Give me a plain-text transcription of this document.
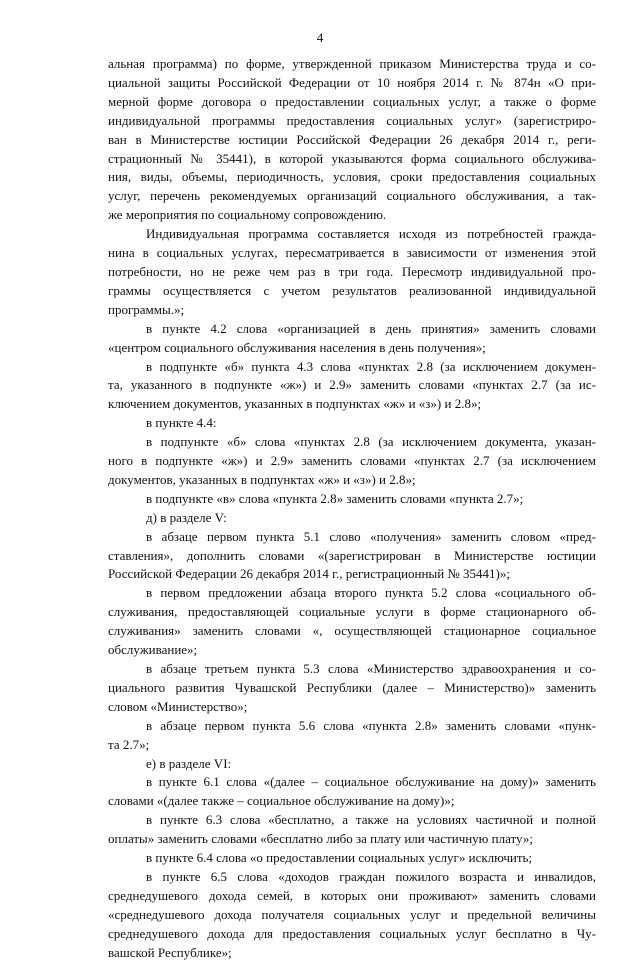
4

альная программа) по форме, утвержденной приказом Министерства труда и со-
циальной защиты Российской Федерации от 10 ноября 2014 г. № 874н «О при-
мерной форме договора о предоставлении социальных услуг, а также о форме
индивидуальной программы предоставления социальных услуг» (зарегистриро-
ван в Министерстве юстиции Российской Федерации 26 декабря 2014 г., реги-
страционный № 35441), в которой указываются форма социального обслужива-
ния, виды, объемы, периодичность, условия, сроки предоставления социальных
услуг, перечень рекомендуемых организаций социального обслуживания, а так-
же мероприятия по социальному сопровождению.

Индивидуальная программа составляется исходя из потребностей гражда-
нина в социальных услугах, пересматривается в зависимости от изменения этой
потребности, но не реже чем раз в три года. Пересмотр индивидуальной про-
граммы осуществляется с учетом результатов реализованной индивидуальной
программы.»;

в пункте 4.2 слова «организацией в день принятия» заменить словами
«центром социального обслуживания населения в день получения»;

в подпункте «б» пункта 4.3 слова «пунктах 2.8 (за исключением докумен-
та, указанного в подпункте «ж») и 2.9» заменить словами «пунктах 2.7 (за ис-
ключением документов, указанных в подпунктах «ж» и «з») и 2.8»;

в пункте 4.4:

в подпункте «б» слова «пунктах 2.8 (за исключением документа, указан-
ного в подпункте «ж») и 2.9» заменить словами «пунктах 2.7 (за исключением
документов, указанных в подпунктах «ж» и «з») и 2.8»;

в подпункте «в» слова «пункта 2.8» заменить словами «пункта 2.7»;

д) в разделе V:

в абзаце первом пункта 5.1 слово «получения» заменить словом «пред-
ставления», дополнить словами «(зарегистрирован в Министерстве юстиции
Российской Федерации 26 декабря 2014 г., регистрационный № 35441)»;

в первом предложении абзаца второго пункта 5.2 слова «социального об-
служивания, предоставляющей социальные услуги в форме стационарного об-
служивания» заменить словами «, осуществляющей стационарное социальное
обслуживание»;

в абзаце третьем пункта 5.3 слова «Министерство здравоохранения и со-
циального развития Чувашской Республики (далее – Министерство)» заменить
словом «Министерство»;

в абзаце первом пункта 5.6 слова «пункта 2.8» заменить словами «пунк-
та 2.7»;

е) в разделе VI:

в пункте 6.1 слова «(далее – социальное обслуживание на дому)» заменить
словами «(далее также – социальное обслуживание на дому)»;

в пункте 6.3 слова «бесплатно, а также на условиях частичной и полной
оплаты» заменить словами «бесплатно либо за плату или частичную плату»;

в пункте 6.4 слова «о предоставлении социальных услуг» исключить;

в пункте 6.5 слова «доходов граждан пожилого возраста и инвалидов,
среднедушевого дохода семей, в которых они проживают» заменить словами
«среднедушевого дохода получателя социальных услуг и предельной величины
среднедушевого дохода для предоставления социальных услуг бесплатно в Чу-
вашской Республике»;
